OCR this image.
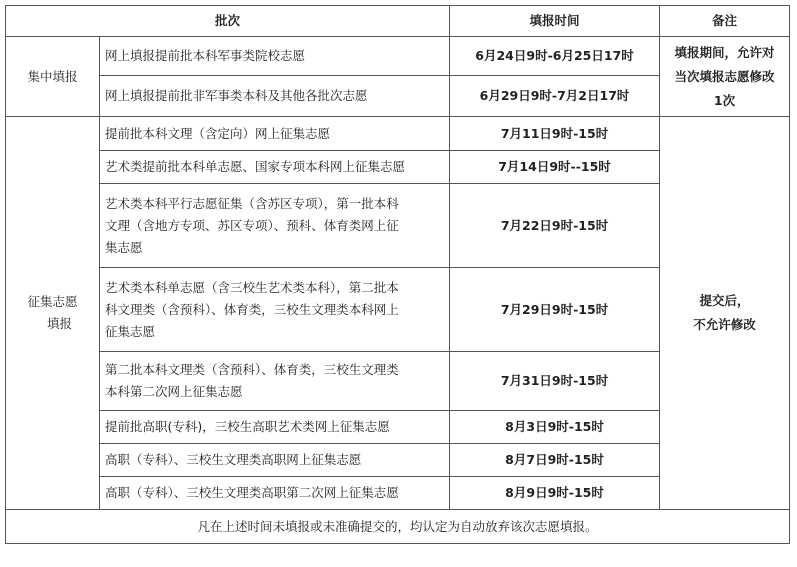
批次		填报时间	备注
集中填报	网上填报提前批本科军事类院校志愿	6月24日9时-6月25日17时	填报期间，允许对
当次填报志愿修改
1次

	网上填报提前批非军事类本科及其他各批次志愿	6月29日9时-7月2日17时	

征集志愿
填报	提前批本科文理（含定向）网上征集志愿	7月11日9时-15时	提交后，
不允许修改

	艺术类提前批本科单志愿、国家专项本科网上征集志愿	7月14日9时--15时	

	艺术类本科平行志愿征集（含苏区专项），第一批本科
文理（含地方专项、苏区专项）、预科、体育类网上征
集志愿	7月22日9时-15时	

	艺术类本科单志愿（含三校生艺术类本科），第二批本
科文理类（含预科）、体育类，三校生文理类本科网上
征集志愿	7月29日9时-15时	

	第二批本科文理类（含预科）、体育类，三校生文理类
本科第二次网上征集志愿	7月31日9时-15时	

	提前批高职(专科)，三校生高职艺术类网上征集志愿	8月3日9时-15时	

	高职（专科）、三校生文理类高职网上征集志愿	8月7日9时-15时	

	高职（专科）、三校生文理类高职第二次网上征集志愿	8月9日9时-15时	
凡在上述时间未填报或未准确提交的，均认定为自动放弃该次志愿填报。			
